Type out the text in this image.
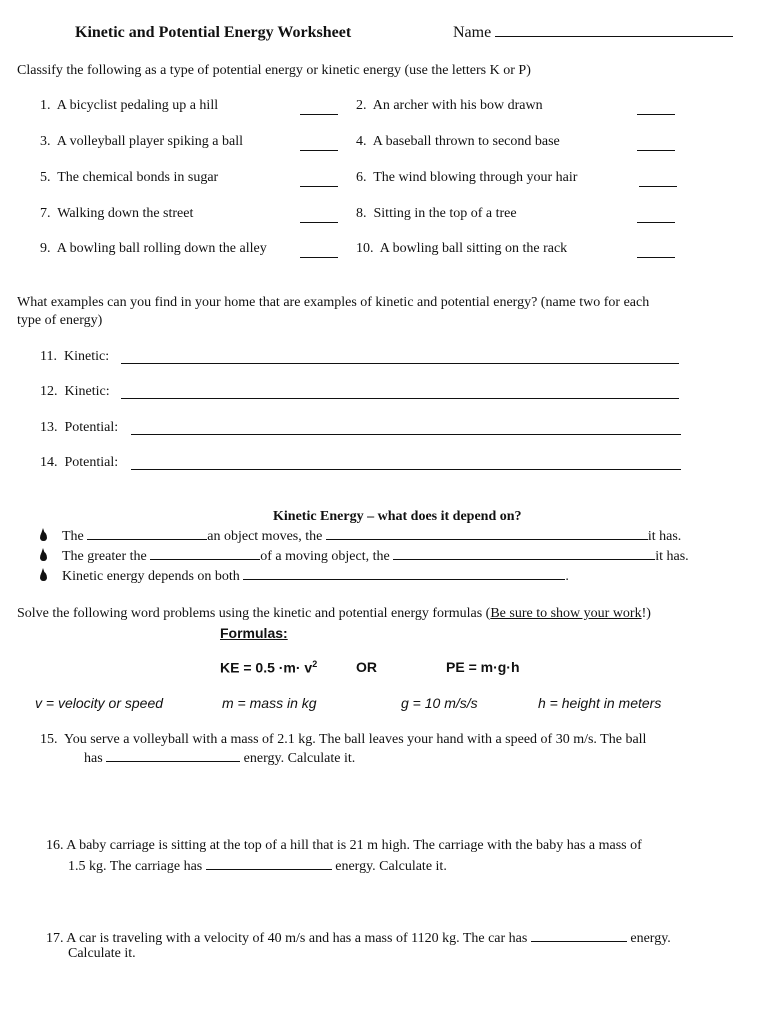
Kinetic and Potential Energy Worksheet	Name
Classify the following as a type of potential energy or kinetic energy (use the letters K or P)
1. A bicyclist pedaling up a hill	2. An archer with his bow drawn
3. A volleyball player spiking a ball	4. A baseball thrown to second base
5. The chemical bonds in sugar	6. The wind blowing through your hair
7. Walking down the street	8. Sitting in the top of a tree
9. A bowling ball rolling down the alley	10. A bowling ball sitting on the rack
What examples can you find in your home that are examples of kinetic and potential energy? (name two for each
type of energy)
11. Kinetic:
12. Kinetic:
13. Potential:
14. Potential:
Kinetic Energy – what does it depend on?
The	an object moves, the	it has.
The greater the	of a moving object, the	it has.
Kinetic energy depends on both	.
Solve the following word problems using the kinetic and potential energy formulas (Be sure to show your work!)
Formulas:
KE = $0.5 \cdot m\cdot v^2$	OR	PE = m·g·h
v = velocity or speed	m = mass in kg	g = 10 m/s/s	h = height in meters
15. You serve a volleyball with a mass of 2.1 kg. The ball leaves your hand with a speed of 30 m/s. The ball
has	energy. Calculate it.
16. A baby carriage is sitting at the top of a hill that is 21 m high. The carriage with the baby has a mass of
1.5 kg. The carriage has	energy. Calculate it.
17. A car is traveling with a velocity of 40 m/s and has a mass of 1120 kg. The car has	energy.
Calculate it.
